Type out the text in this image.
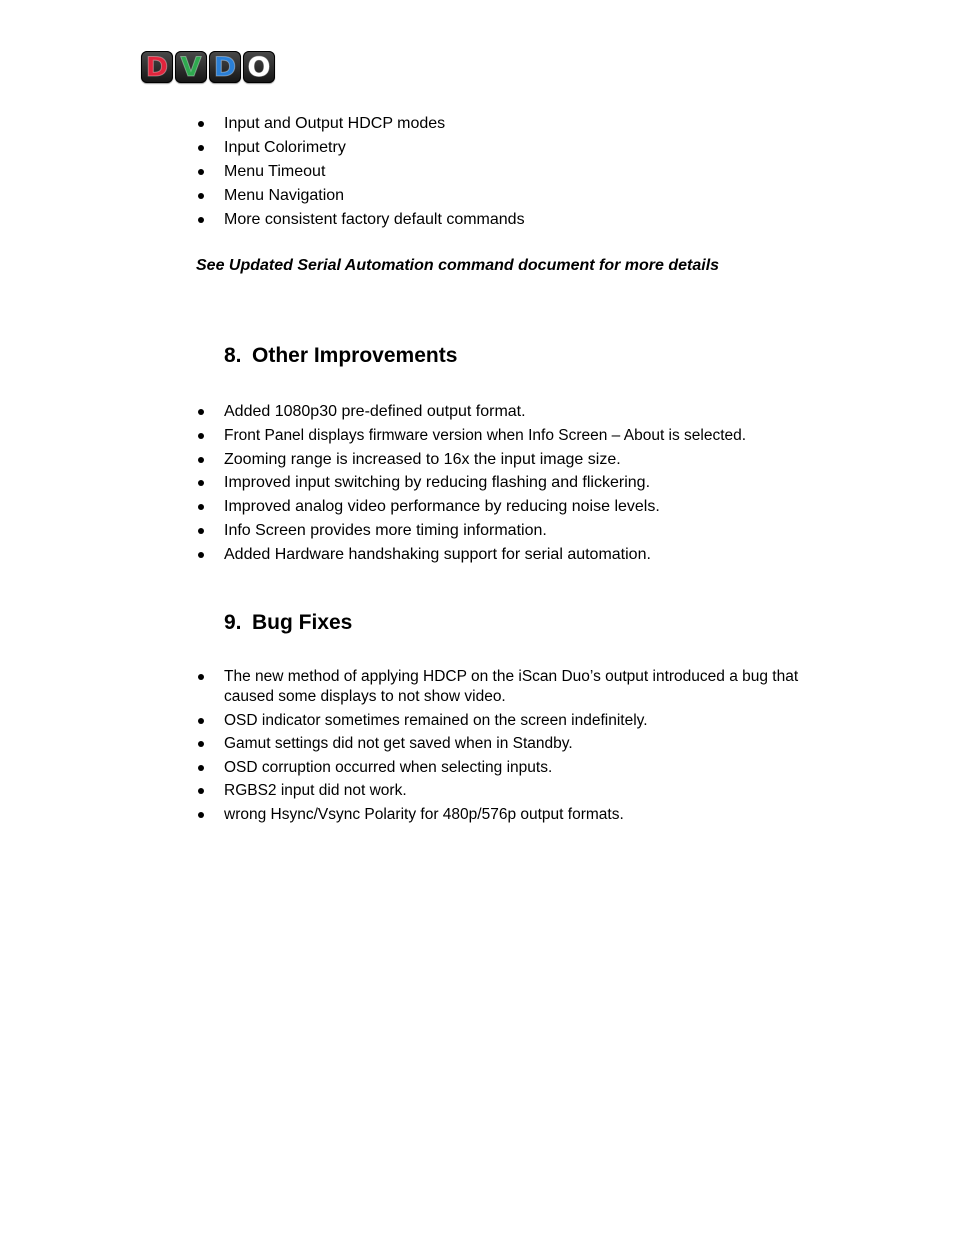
D V D O
Input and Output HDCP modes
Input Colorimetry
Menu Timeout
Menu Navigation
More consistent factory default commands

See Updated Serial Automation command document for more details

8. Other Improvements
Added 1080p30 pre-defined output format.
Front Panel displays firmware version when Info Screen – About is selected.
Zooming range is increased to 16x the input image size.
Improved input switching by reducing flashing and flickering.
Improved analog video performance by reducing noise levels.
Info Screen provides more timing information.
Added Hardware handshaking support for serial automation.
9. Bug Fixes
The new method of applying HDCP on the iScan Duo’s output introduced a bug that caused some displays to not show video.
OSD indicator sometimes remained on the screen indefinitely.
Gamut settings did not get saved when in Standby.
OSD corruption occurred when selecting inputs.
RGBS2 input did not work.
wrong Hsync/Vsync Polarity for 480p/576p output formats.
